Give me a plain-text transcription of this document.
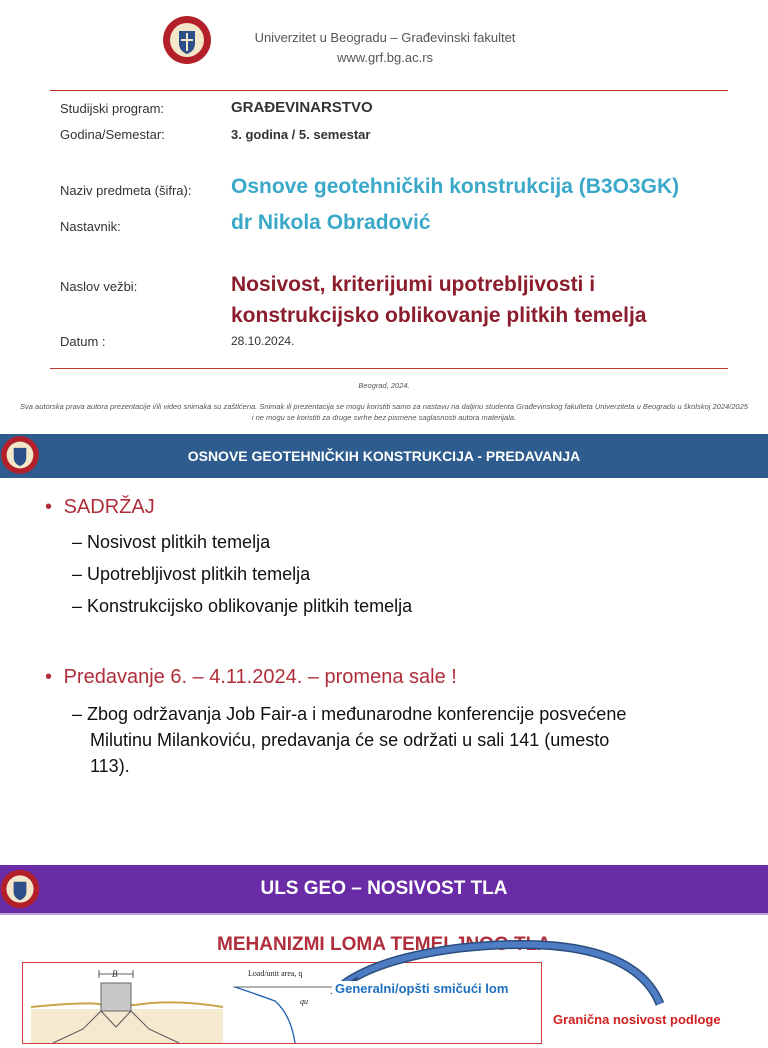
Univerzitet u Beogradu – Građevinski fakultet
www.grf.bg.ac.rs
Studijski program:	GRAĐEVINARSTVO
Godina/Semestar:	3. godina / 5. semestar
Naziv predmeta (šifra): Osnove geotehničkih konstrukcija (B3O3GK)
Nastavnik:	dr Nikola Obradović
Naslov vežbi:	Nosivost, kriterijumi upotrebljivosti i
konstrukcijsko oblikovanje plitkih temelja
Datum :	28.10.2024.
Beograd, 2024.
Sva autorska prava autora prezentacije i/ili video snimaka su zaštićena. Snimak ili prezentacija se mogu koristiti samo za nastavu na daljinu studenta Građevinskog fakulteta Univerziteta u Beogradu u školskoj 2024/2025 i ne mogu se koristiti za druge svrhe bez pismene saglasnosti autora materijala.
OSNOVE GEOTEHNIČKIH KONSTRUKCIJA - PREDAVANJA
• SADRŽAJ
– Nosivost plitkih temelja
– Upotrebljivost plitkih temelja
– Konstrukcijsko oblikovanje plitkih temelja
• Predavanje 6. – 4.11.2024. – promena sale !
– Zbog održavanja Job Fair-a i međunarodne konferencije posvećene
Milutinu Milankoviću, predavanja će se održati u sali 141 (umesto
113).
ULS GEO – NOSIVOST TLA
MEHANIZMI LOMA TEMELJNOG TLA
B	Load/unit area, q
qu
Generalni/opšti smičući lom
Granična nosivost podloge
